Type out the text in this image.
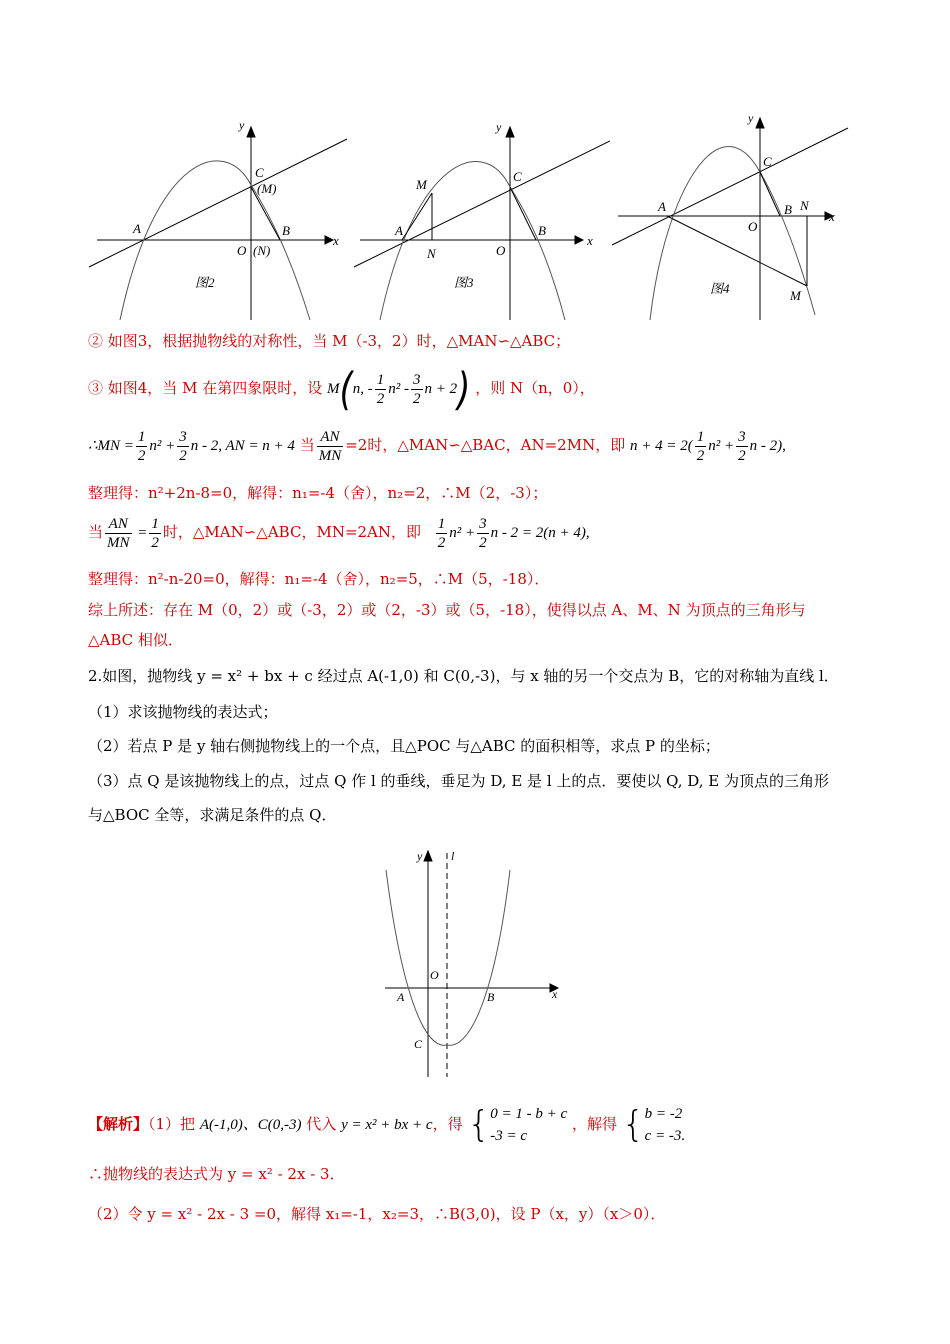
y
x
A
C
(M)
O (N)
B
图2
y
x
A
M
C
N	O
B
图3
y
x
A
C
O
B N
M
图4
② 如图3，根据抛物线的对称性，当 M（-3，2）时，△MAN∽△ABC；
③ 如图4，当 M 在第四象限时，设 M(n, - $\frac{1}{2} n^2 - \frac{3}{2}$ n + 2) ，则 N（n，0），
∴MN = $\frac{1}{2} n^2 + \frac{3}{2}$ n - 2, AN = n + 4 当 $\frac{AN}{MN} =2$时，△MAN∽△BAC，AN=2MN，即 $n + 4 = 2( \frac{1}{2} n^2 + \frac{3}{2}$ n - 2),
整理得：n²+2n-8=0，解得：n₁=-4（舍），n₂=2，∴M（2，-3）；
当 $\frac{AN}{MN} = \frac{1}{2}$ 时，△MAN∽△ABC，MN=2AN，即 $\frac{1}{2} n^2 + \frac{3}{2}$ n - 2 = 2(n + 4),
整理得：n²-n-20=0，解得：n₁=-4（舍），n₂=5，∴M（5，-18）．
综上所述：存在 M（0，2）或（-3，2）或（2，-3）或（5，-18），使得以点 A、M、N 为顶点的三角形与
△ABC 相似．
2.如图，抛物线 y = x² + bx + c 经过点 A(-1,0) 和 C(0,-3)，与 x 轴的另一个交点为 B，它的对称轴为直线 l．
（1）求该抛物线的表达式；
（2）若点 P 是 y 轴右侧抛物线上的一个点，且△POC 与△ABC 的面积相等，求点 P 的坐标；
（3）点 Q 是该抛物线上的点，过点 Q 作 l 的垂线，垂足为 D, E 是 l 上的点．要使以 Q, D, E 为顶点的三角形
与△BOC 全等，求满足条件的点 Q．
y l
x
O
A	B
C
【解析】（1）把 A(-1,0)、C(0,-3) 代入 y = x² + bx + c，得 {0 = 1 - b + c
-3 = c ，解得 {b = -2
c = -3.
∴抛物线的表达式为 y = x² - 2x - 3．
（2）令 y = x² - 2x - 3 =0，解得 x₁=-1，x₂=3，∴B(3,0)，设 P（x，y）（x＞0）．
